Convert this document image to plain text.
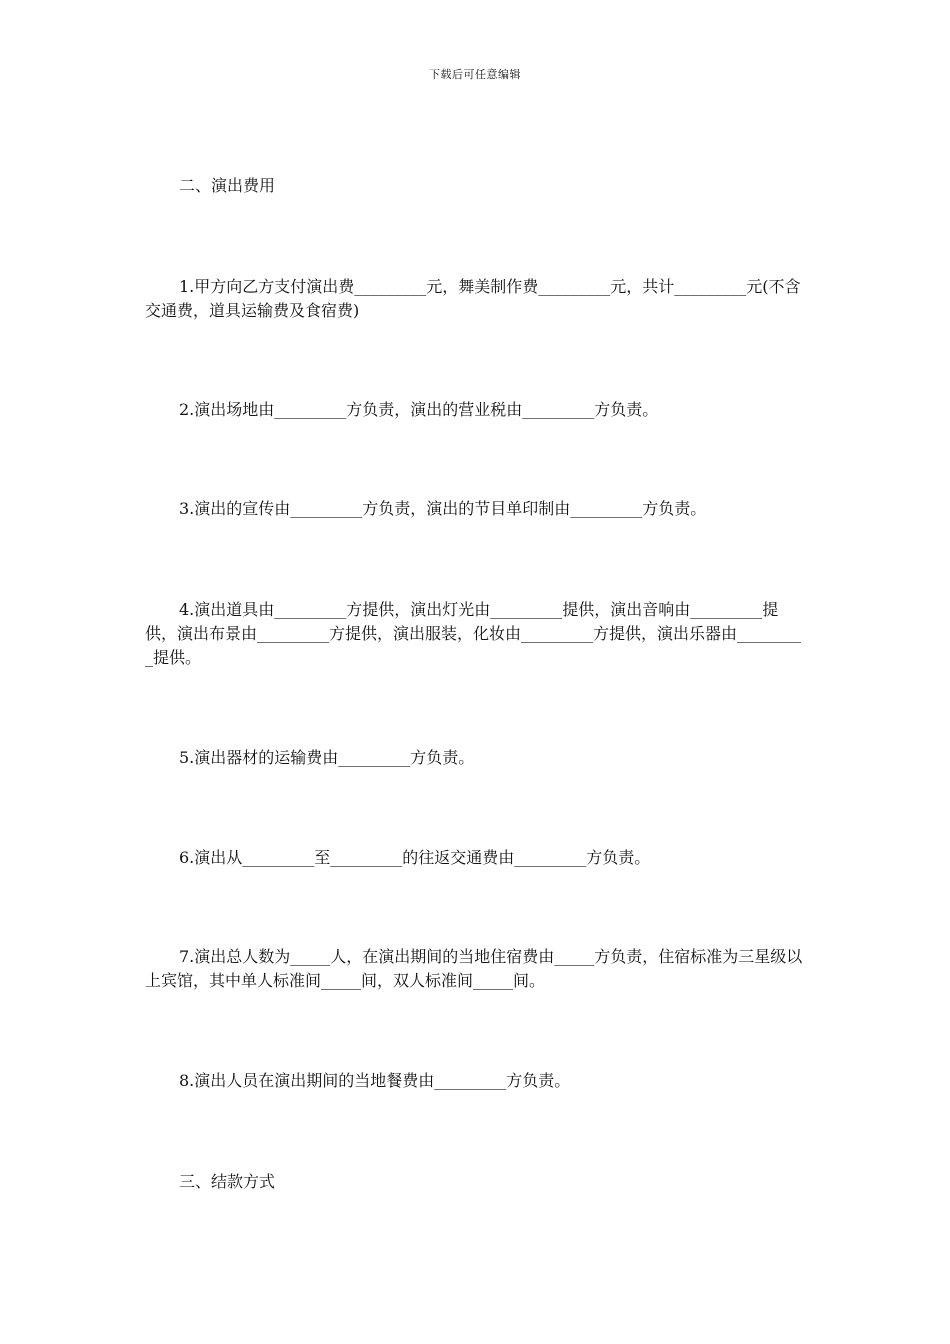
下载后可任意编辑
二、演出费用
1.甲方向乙方支付演出费_________元，舞美制作费_________元，共计_________元(不含交通费，道具运输费及食宿费)
2.演出场地由_________方负责，演出的营业税由_________方负责。
3.演出的宣传由_________方负责，演出的节目单印制由_________方负责。
4.演出道具由_________方提供，演出灯光由_________提供，演出音响由_________提供，演出布景由_________方提供，演出服装，化妆由_________方提供，演出乐器由_________提供。
5.演出器材的运输费由_________方负责。
6.演出从_________至_________的往返交通费由_________方负责。
7.演出总人数为_____人，在演出期间的当地住宿费由_____方负责，住宿标准为三星级以上宾馆，其中单人标准间_____间，双人标准间_____间。
8.演出人员在演出期间的当地餐费由_________方负责。
三、结款方式
